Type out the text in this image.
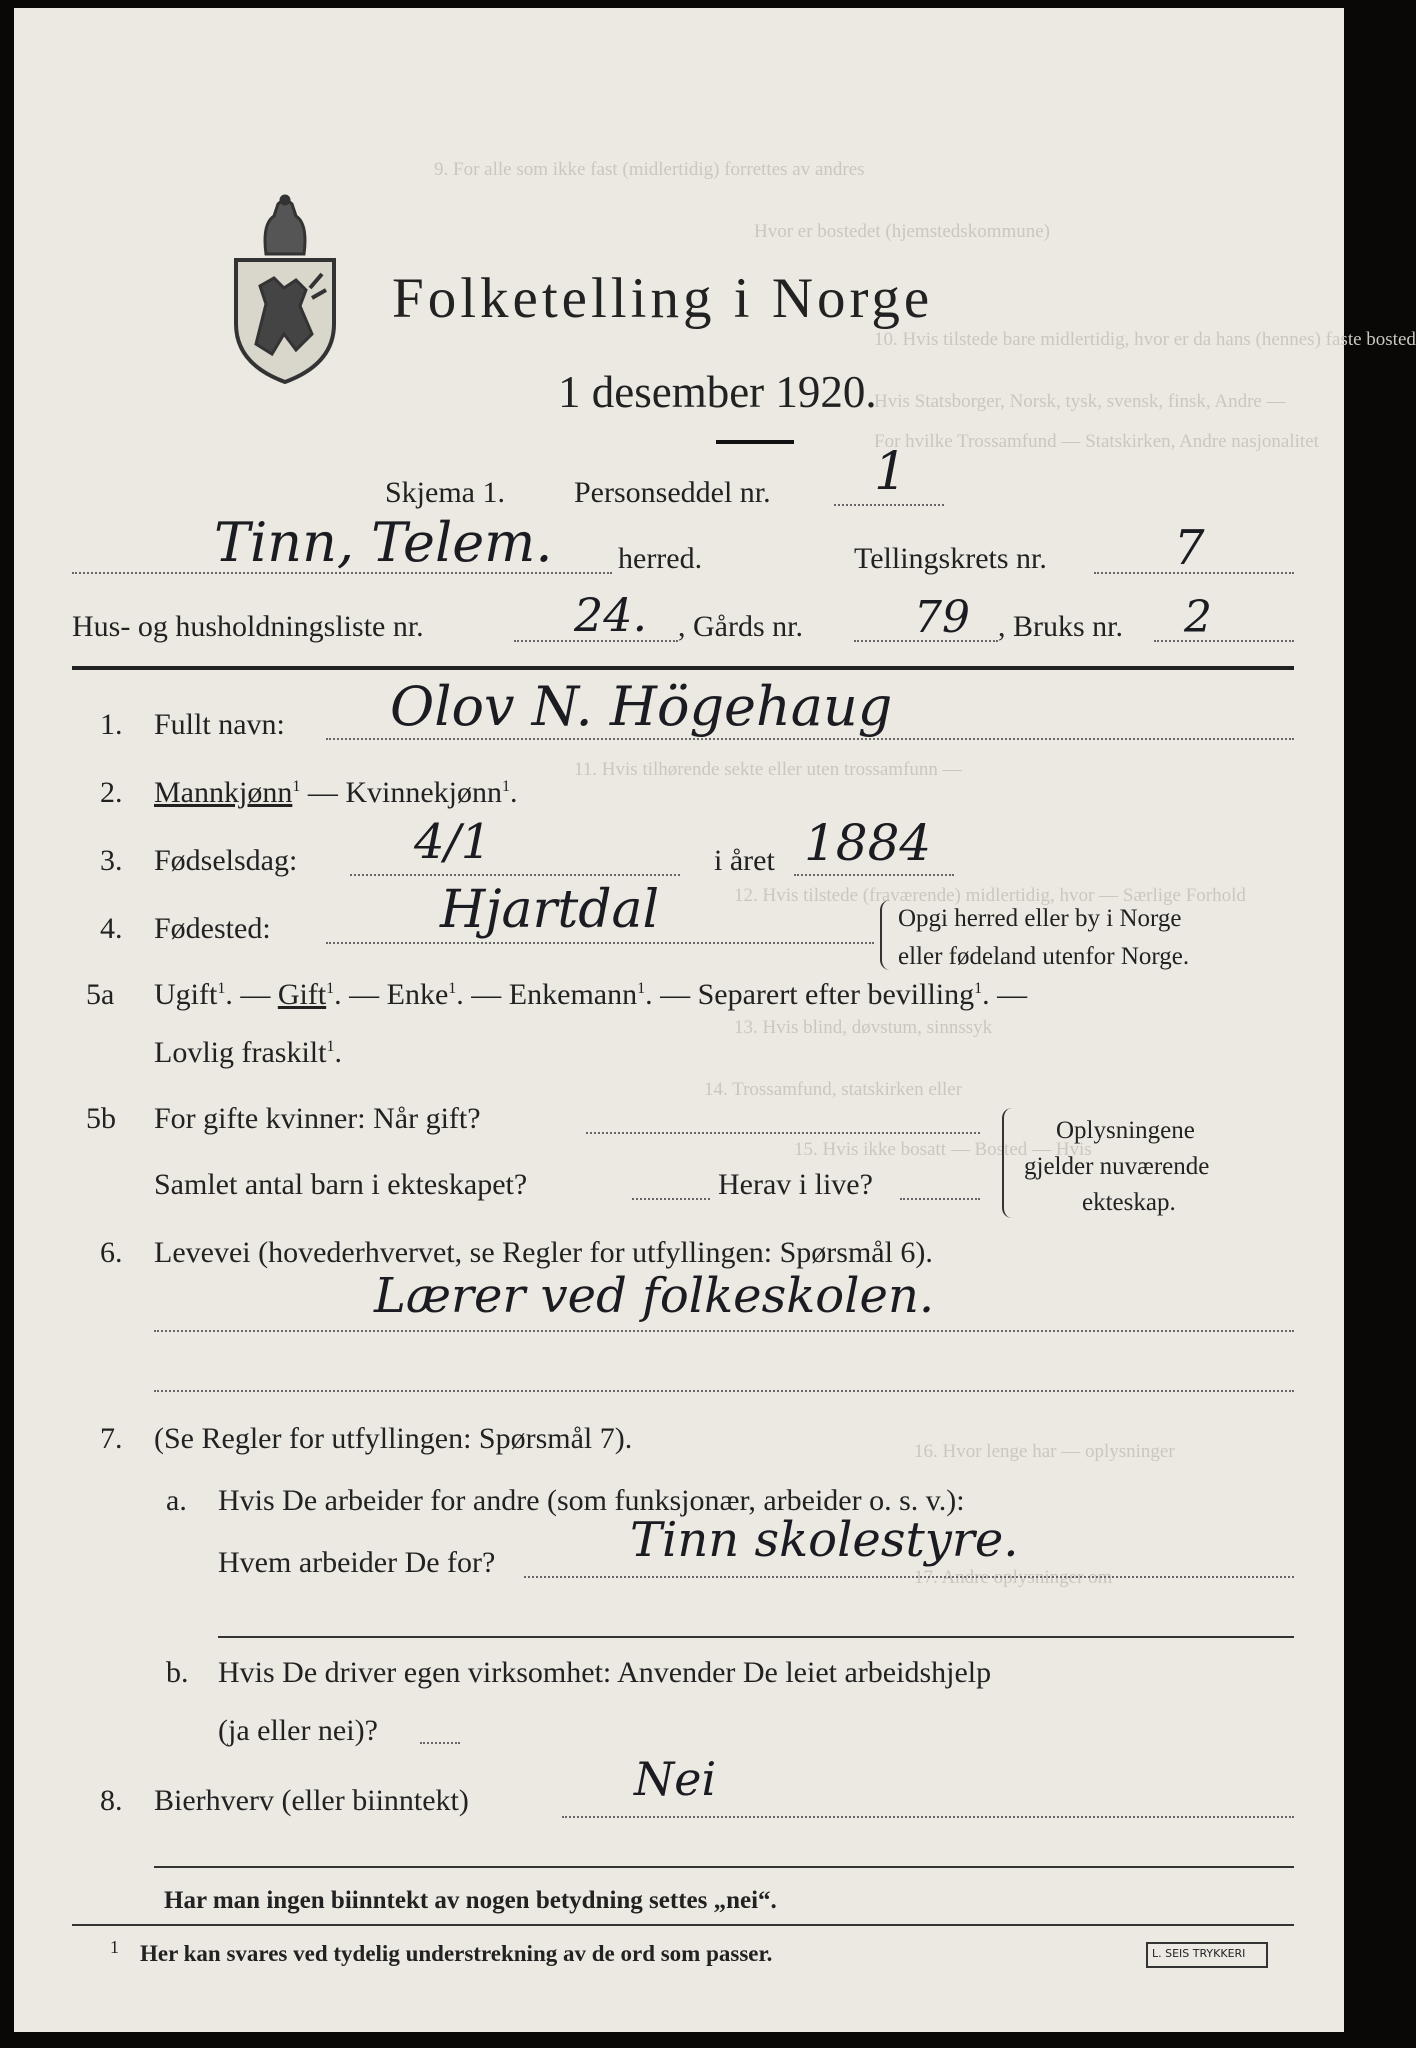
9. For alle som ikke fast (midlertidig) forrettes av andres
Hvor er bostedet (hjemstedskommune)
10. Hvis tilstede bare midlertidig, hvor er da hans (hennes) faste bosted
Hvis Statsborger, Norsk, tysk, svensk, finsk, Andre —
For hvilke Trossamfund — Statskirken, Andre nasjonalitet
11. Hvis tilhørende sekte eller uten trossamfunn —
12. Hvis tilstede (fraværende) midlertidig, hvor — Særlige Forhold
13. Hvis blind, døvstum, sinnssyk
14. Trossamfund, statskirken eller
15. Hvis ikke bosatt — Bosted — Hvis
16. Hvor lenge har — oplysninger
17. Andre oplysninger om
Folketelling i Norge
1 desember 1920.
Skjema 1. Personseddel nr. 1
Tinn, Telem. herred.	Tellingskrets nr.	7
Hus- og husholdningsliste nr.	24. , Gårds nr.	79 , Bruks nr. 2
1. Fullt navn: Olov N. Högehaug
2. Mannkjønn$^1$ — Kvinnekjønn$^1$.
3. Fødselsdag: 4/1	i året 1884
4. Fødested:	Hjartdal	Opgi herred eller by i Norge
eller fødeland utenfor Norge.
5a Ugift$^1$. — Gift$^1$. — Enke$^1$. — Enkemann$^1$. — Separert efter bevilling$^1$. —
Lovlig fraskilt$^1$.
5b For gifte kvinner: Når gift?
Samlet antal barn i ekteskapet?	Herav i live?
Oplysningene
gjelder nuværende
ekteskap.
6. Levevei (hovederhvervet, se Regler for utfyllingen: Spørsmål 6).
Lærer ved folkeskolen.
7. (Se Regler for utfyllingen: Spørsmål 7).
a. Hvis De arbeider for andre (som funksjonær, arbeider o. s. v.):
Hvem arbeider De for?	Tinn skolestyre.
b. Hvis De driver egen virksomhet: Anvender De leiet arbeidshjelp
(ja eller nei)?
8. Bierhverv (eller biinntekt)	Nei
Har man ingen biinntekt av nogen betydning settes „nei“.
1 Her kan svares ved tydelig understrekning av de ord som passer.	L. SEIS TRYKKERI
